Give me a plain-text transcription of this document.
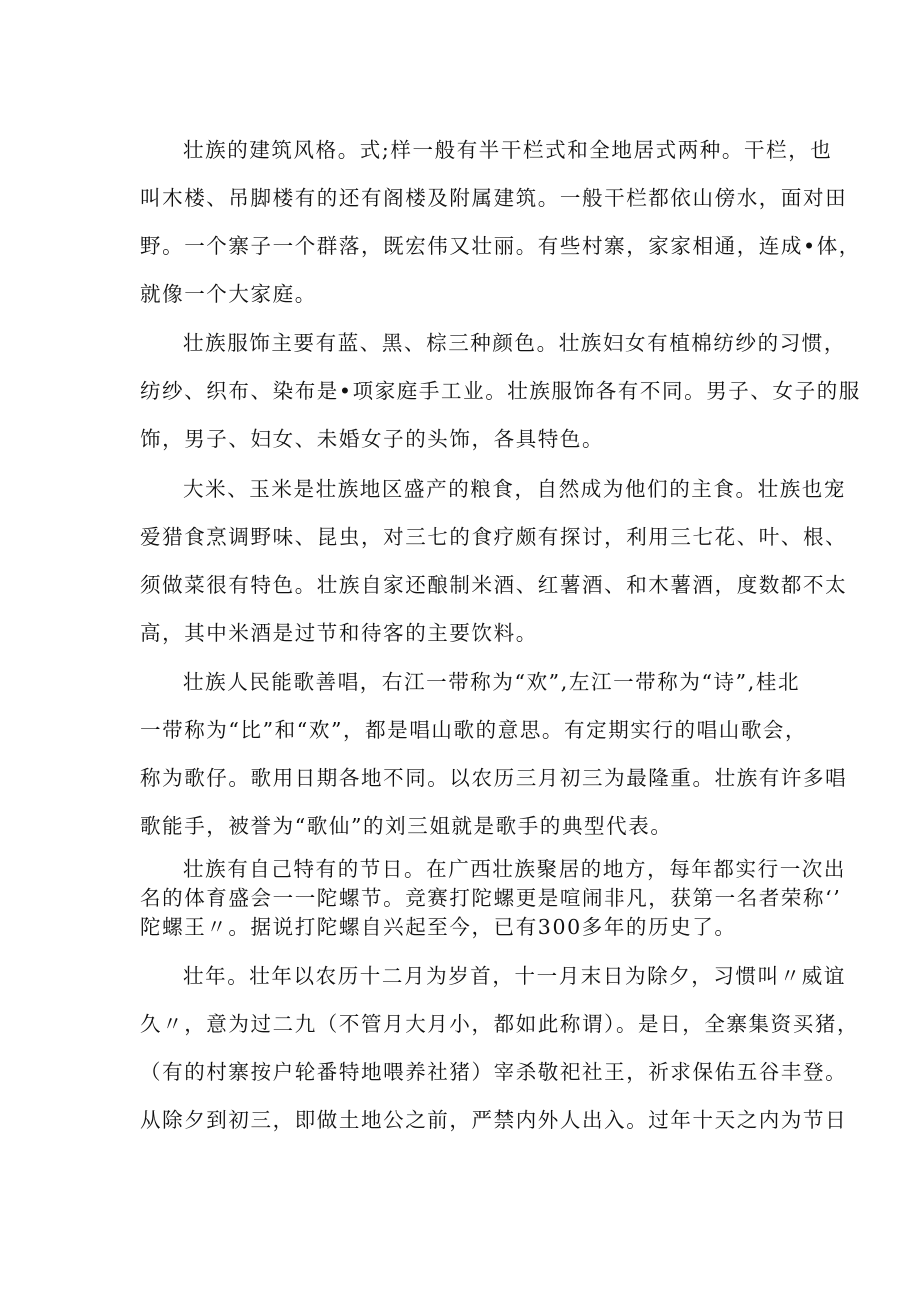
壮族的建筑风格。式;样一般有半干栏式和全地居式两种。干栏，也
叫木楼、吊脚楼有的还有阁楼及附属建筑。一般干栏都依山傍水，面对田
野。一个寨子一个群落，既宏伟又壮丽。有些村寨，家家相通，连成•体，
就像一个大家庭。
壮族服饰主要有蓝、黑、棕三种颜色。壮族妇女有植棉纺纱的习惯，
纺纱、织布、染布是•项家庭手工业。壮族服饰各有不同。男子、女子的服
饰，男子、妇女、未婚女子的头饰，各具特色。
大米、玉米是壮族地区盛产的粮食，自然成为他们的主食。壮族也宠
爱猎食烹调野味、昆虫，对三七的食疗颇有探讨，利用三七花、叶、根、
须做菜很有特色。壮族自家还酿制米酒、红薯酒、和木薯酒，度数都不太
高，其中米酒是过节和待客的主要饮料。
壮族人民能歌善唱，右江一带称为“欢”,左江一带称为“诗”,桂北
一带称为“比”和“欢”，都是唱山歌的意思。有定期实行的唱山歌会，
称为歌仔。歌用日期各地不同。以农历三月初三为最隆重。壮族有许多唱
歌能手，被誉为“歌仙”的刘三姐就是歌手的典型代表。
壮族有自己特有的节日。在广西壮族聚居的地方，每年都实行一次出
名的体育盛会一一陀螺节。竞赛打陀螺更是喧闹非凡，获第一名者荣称‘’
陀螺王〃。据说打陀螺自兴起至今，已有300多年的历史了。
壮年。壮年以农历十二月为岁首，十一月末日为除夕，习惯叫〃威谊
久〃，意为过二九（不管月大月小，都如此称谓）。是日，全寨集资买猪，
（有的村寨按户轮番特地喂养社猪）宰杀敬祀社王，祈求保佑五谷丰登。
从除夕到初三，即做土地公之前，严禁内外人出入。过年十天之内为节日
